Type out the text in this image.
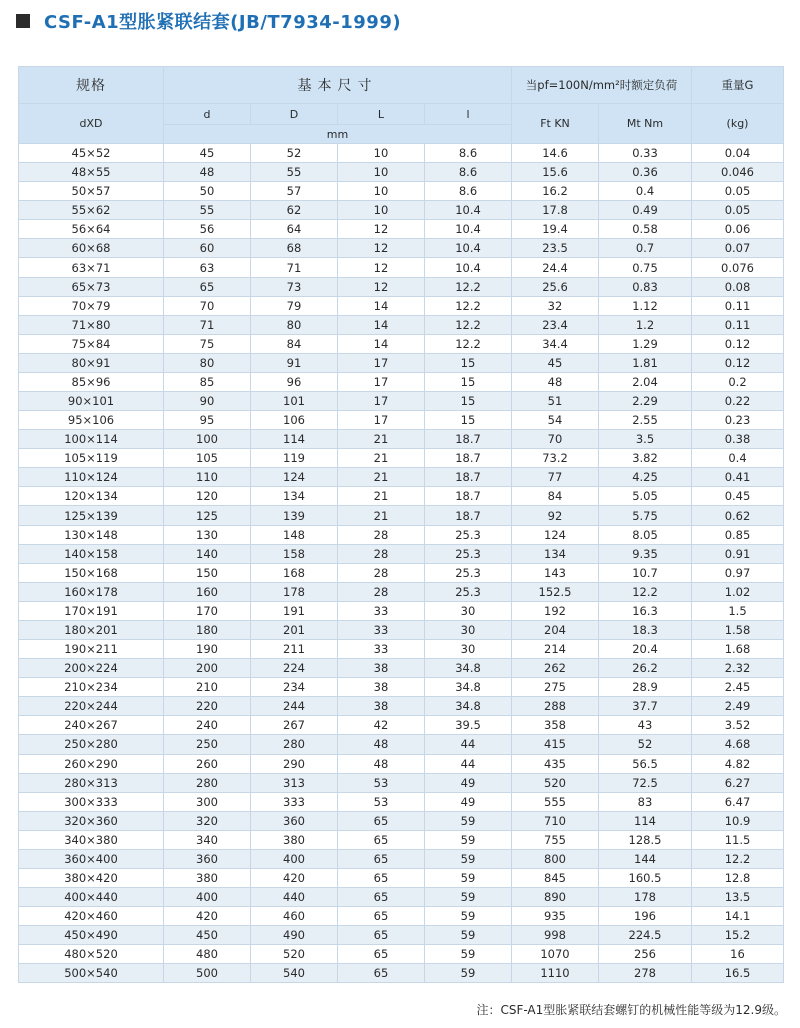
CSF-A1型胀紧联结套(JB/T7934-1999)
规格	基本尺寸				当pf=100N/mm²时额定负荷		重量G
dXD	d	D	L	l	Ft KN	Mt Nm	(kg)
	mm						
45×52	45	52	10	8.6	14.6	0.33	0.04
48×55	48	55	10	8.6	15.6	0.36	0.046
50×57	50	57	10	8.6	16.2	0.4	0.05
55×62	55	62	10	10.4	17.8	0.49	0.05
56×64	56	64	12	10.4	19.4	0.58	0.06
60×68	60	68	12	10.4	23.5	0.7	0.07
63×71	63	71	12	10.4	24.4	0.75	0.076
65×73	65	73	12	12.2	25.6	0.83	0.08
70×79	70	79	14	12.2	32	1.12	0.11
71×80	71	80	14	12.2	23.4	1.2	0.11
75×84	75	84	14	12.2	34.4	1.29	0.12
80×91	80	91	17	15	45	1.81	0.12
85×96	85	96	17	15	48	2.04	0.2
90×101	90	101	17	15	51	2.29	0.22
95×106	95	106	17	15	54	2.55	0.23
100×114	100	114	21	18.7	70	3.5	0.38
105×119	105	119	21	18.7	73.2	3.82	0.4
110×124	110	124	21	18.7	77	4.25	0.41
120×134	120	134	21	18.7	84	5.05	0.45
125×139	125	139	21	18.7	92	5.75	0.62
130×148	130	148	28	25.3	124	8.05	0.85
140×158	140	158	28	25.3	134	9.35	0.91
150×168	150	168	28	25.3	143	10.7	0.97
160×178	160	178	28	25.3	152.5	12.2	1.02
170×191	170	191	33	30	192	16.3	1.5
180×201	180	201	33	30	204	18.3	1.58
190×211	190	211	33	30	214	20.4	1.68
200×224	200	224	38	34.8	262	26.2	2.32
210×234	210	234	38	34.8	275	28.9	2.45
220×244	220	244	38	34.8	288	37.7	2.49
240×267	240	267	42	39.5	358	43	3.52
250×280	250	280	48	44	415	52	4.68
260×290	260	290	48	44	435	56.5	4.82
280×313	280	313	53	49	520	72.5	6.27
300×333	300	333	53	49	555	83	6.47
320×360	320	360	65	59	710	114	10.9
340×380	340	380	65	59	755	128.5	11.5
360×400	360	400	65	59	800	144	12.2
380×420	380	420	65	59	845	160.5	12.8
400×440	400	440	65	59	890	178	13.5
420×460	420	460	65	59	935	196	14.1
450×490	450	490	65	59	998	224.5	15.2
480×520	480	520	65	59	1070	256	16
500×540	500	540	65	59	1110	278	16.5
注：CSF-A1型胀紧联结套螺钉的机械性能等级为12.9级。
